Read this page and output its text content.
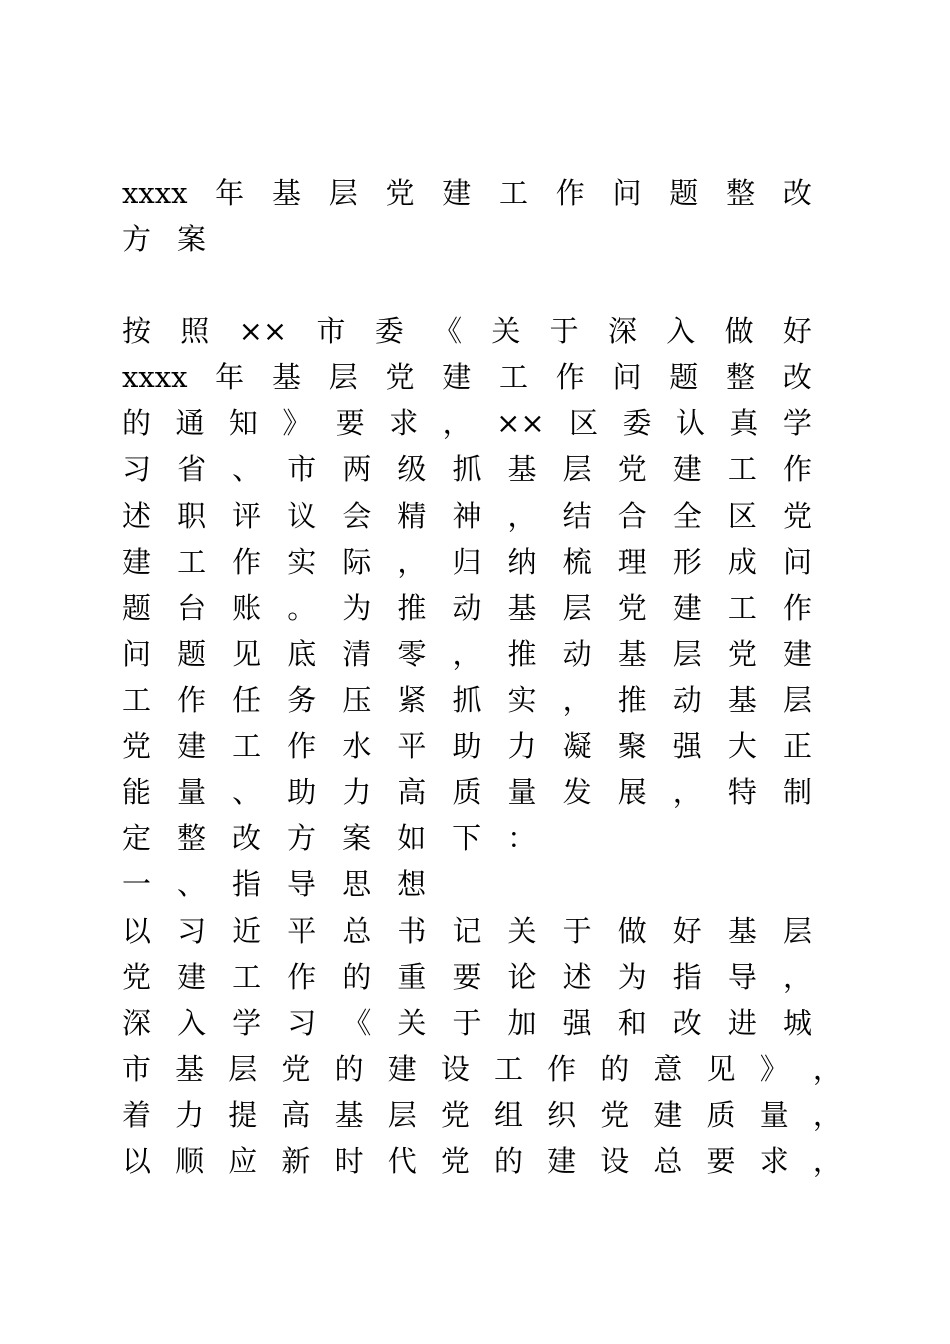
xxxx 年 基 层 党 建 工 作 问 题 整 改
方 案
按 照 ×× 市 委 《 关 于 深 入 做 好
xxxx 年 基 层 党 建 工 作 问 题 整 改
的 通 知 》 要 求 ， ×× 区 委 认 真 学
习 省 、 市 两 级 抓 基 层 党 建 工 作
述 职 评 议 会 精 神 ， 结 合 全 区 党
建 工 作 实 际 ， 归 纳 梳 理 形 成 问
题 台 账 。 为 推 动 基 层 党 建 工 作
问 题 见 底 清 零 ， 推 动 基 层 党 建
工 作 任 务 压 紧 抓 实 ， 推 动 基 层
党 建 工 作 水 平 助 力 凝 聚 强 大 正
能 量 、 助 力 高 质 量 发 展 ， 特 制
定 整 改 方 案 如 下 ：
一 、 指 导 思 想
以 习 近 平 总 书 记 关 于 做 好 基 层
党 建 工 作 的 重 要 论 述 为 指 导 ，
深 入 学 习 《 关 于 加 强 和 改 进 城
市 基 层 党 的 建 设 工 作 的 意 见 》 ，
着 力 提 高 基 层 党 组 织 党 建 质 量 ，
以 顺 应 新 时 代 党 的 建 设 总 要 求 ，
